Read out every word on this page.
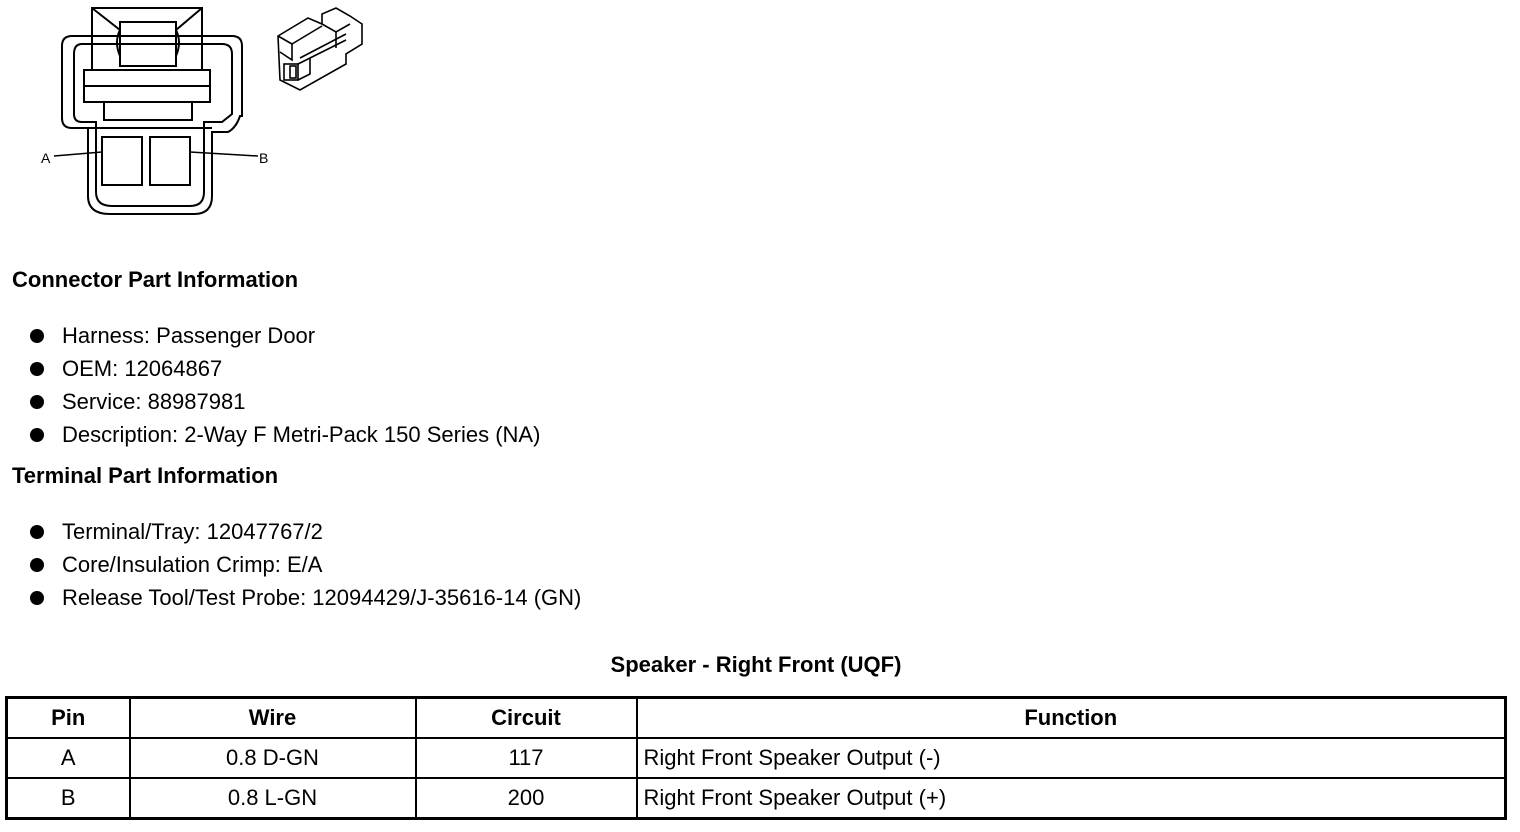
A	B
Connector Part Information
Harness: Passenger Door
OEM: 12064867
Service: 88987981
Description: 2-Way F Metri-Pack 150 Series (NA)
Terminal Part Information
Terminal/Tray: 12047767/2
Core/Insulation Crimp: E/A
Release Tool/Test Probe: 12094429/J-35616-14 (GN)
Speaker - Right Front (UQF)
Pin	Wire	Circuit	Function
A	0.8 D-GN	117	Right Front Speaker Output (-)
B	0.8 L-GN	200	Right Front Speaker Output (+)
